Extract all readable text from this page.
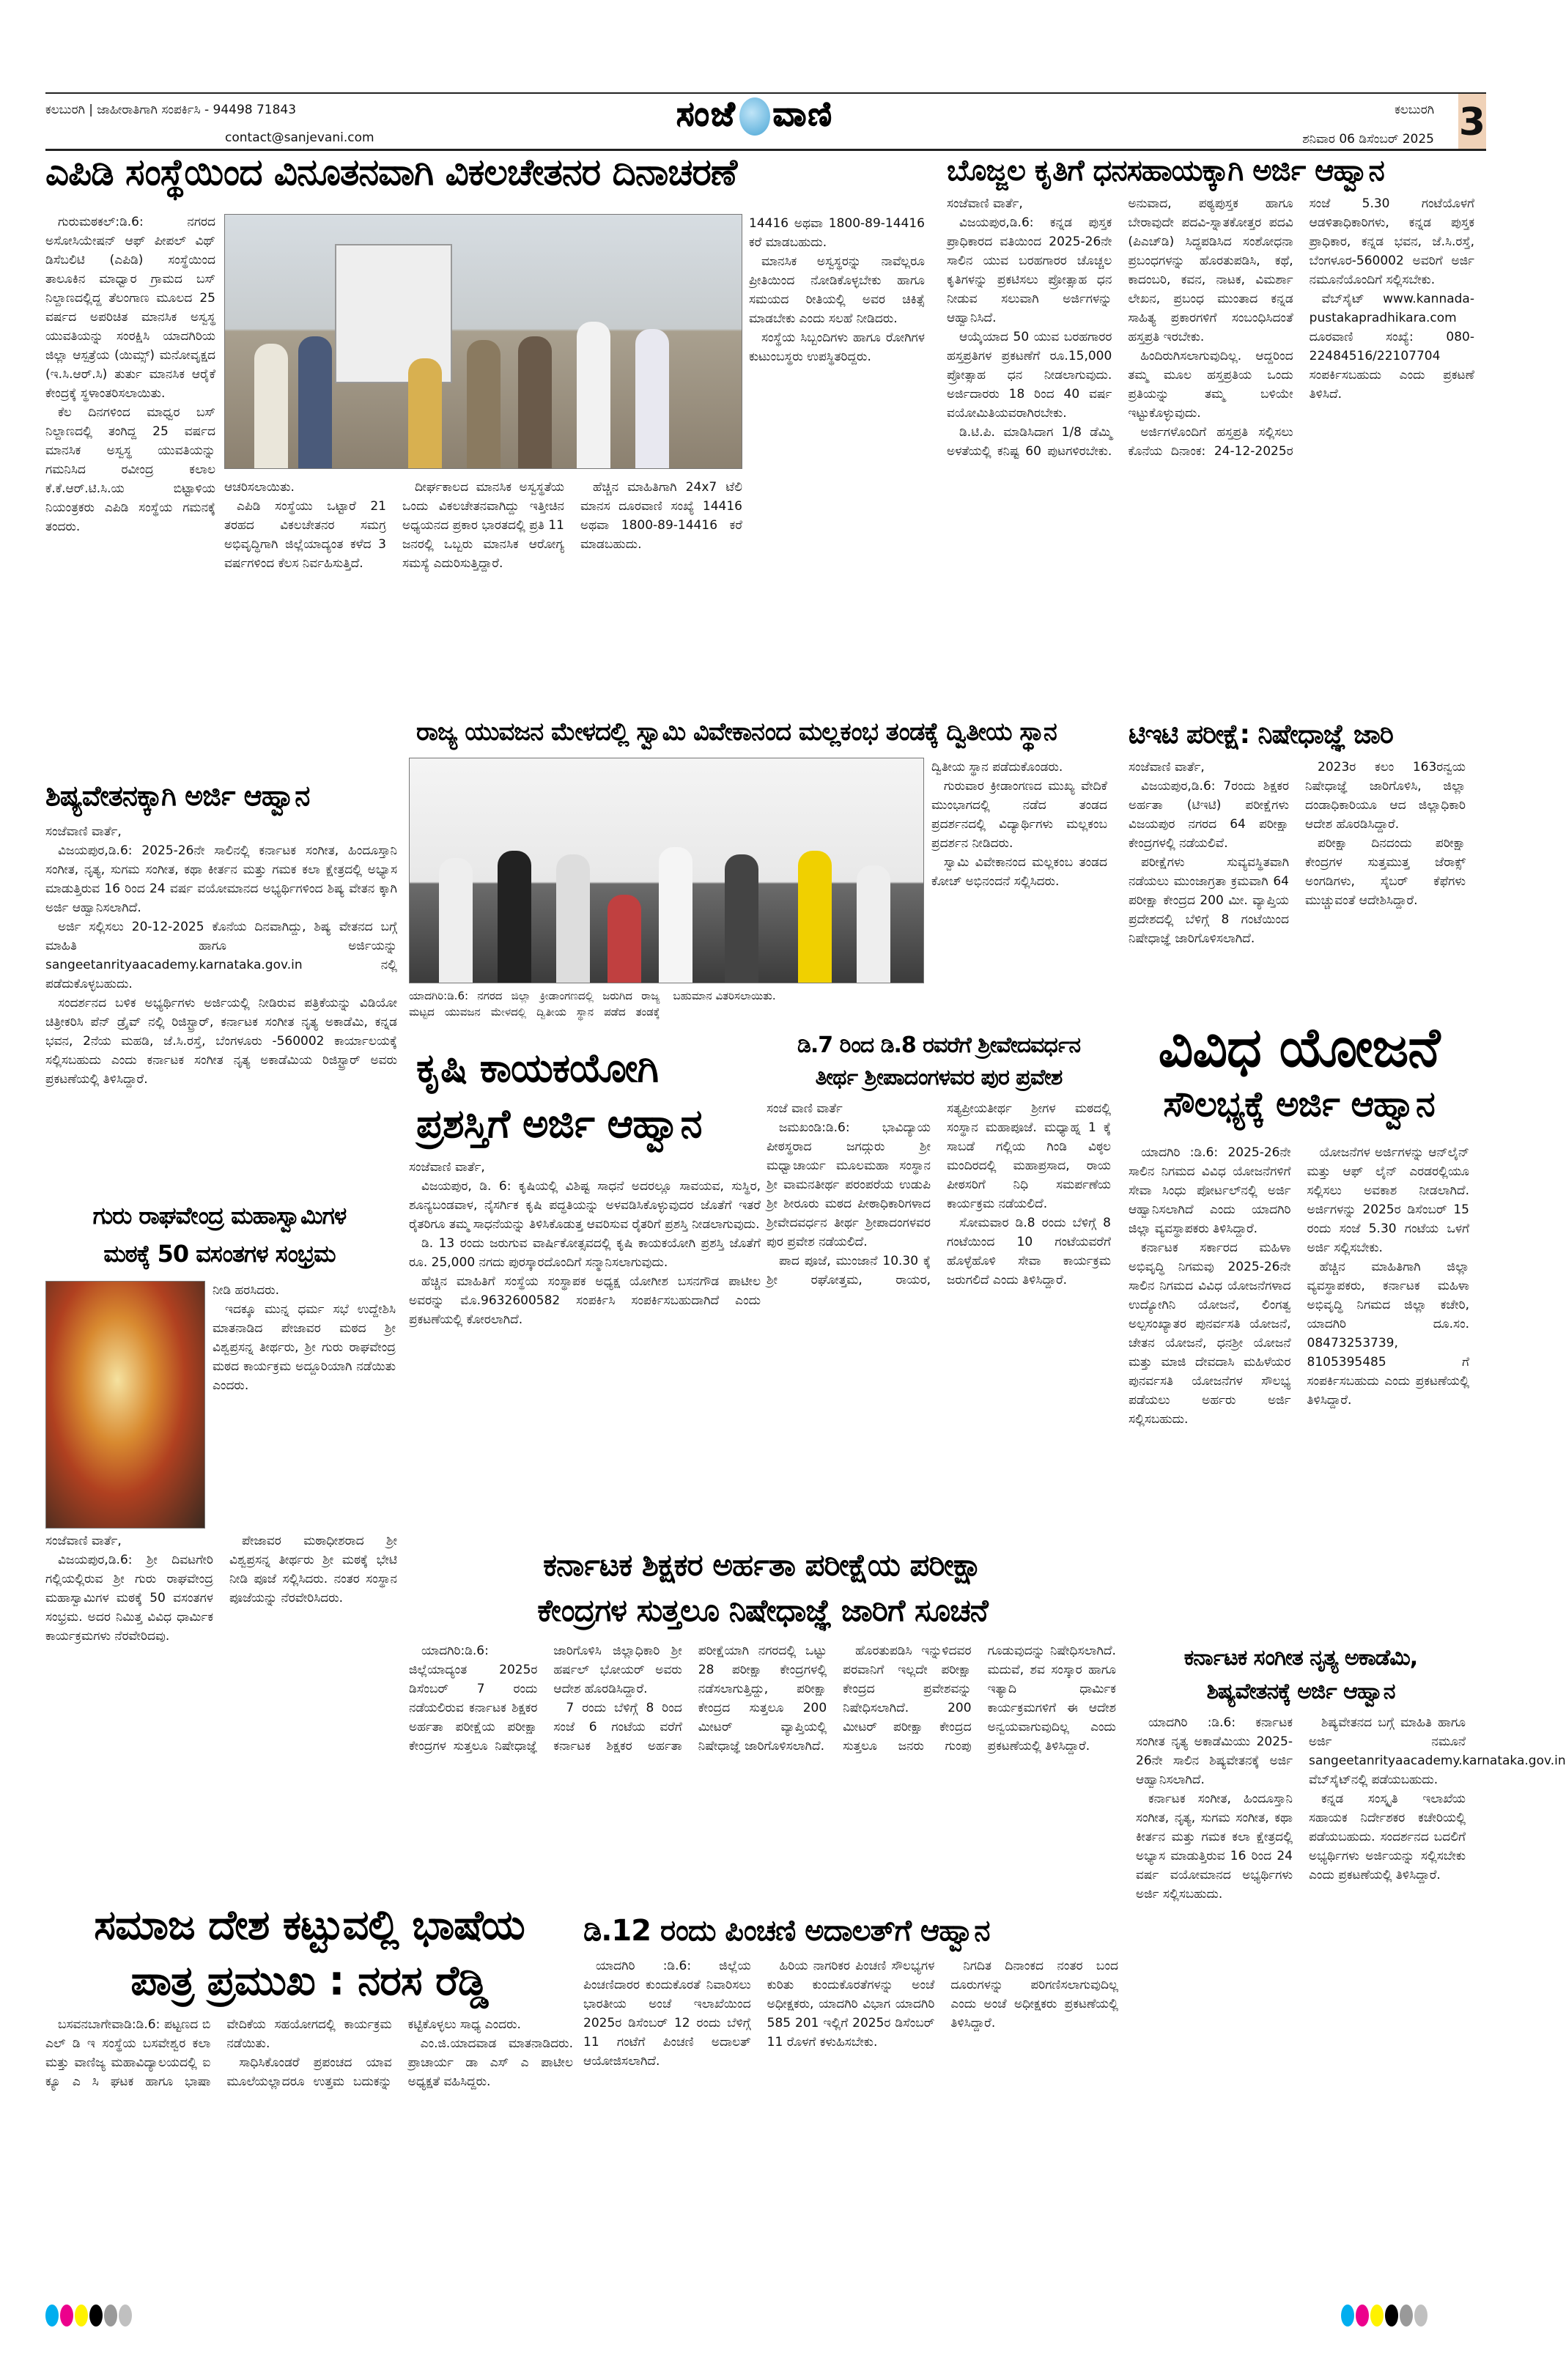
ಕಲಬುರಗಿ | ಜಾಹೀರಾತಿಗಾಗಿ ಸಂಪರ್ಕಿಸಿ - 94498 71843
contact@sanjevani.com
ಸಂಜೆ ವಾಣಿ	ಕಲಬುರಗಿ
ಶನಿವಾರ 06 ಡಿಸೆಂಬರ್ 2025 3
ಎಪಿಡಿ ಸಂಸ್ಥೆಯಿಂದ ವಿನೂತನವಾಗಿ ವಿಕಲಚೇತನರ ದಿನಾಚರಣೆ

ಗುರುಮಠಕಲ್:ಡಿ.6: ನಗರದ ಅಸೋಸಿಯೇಷನ್ ಆಫ್ ಪೀಪಲ್ ವಿಥ್ ಡಿಸೆಬಲಿಟಿ (ಎಪಿಡಿ) ಸಂಸ್ಥೆಯಿಂದ ತಾಲೂಕಿನ ಮಾಧ್ವಾರ ಗ್ರಾಮದ ಬಸ್ ನಿಲ್ದಾಣದಲ್ಲಿದ್ದ ತೆಲಂಗಾಣ ಮೂಲದ 25 ವರ್ಷದ ಅಪರಿಚಿತ ಮಾನಸಿಕ ಅಸ್ವಸ್ಥ ಯುವತಿಯನ್ನು ಸಂರಕ್ಷಿಸಿ ಯಾದಗಿರಿಯ ಜಿಲ್ಲಾ ಆಸ್ಪತ್ರೆಯ (ಯಿಮ್ಸ್) ಮನೋವೃಕ್ಷದ (ಇ.ಸಿ.ಆರ್.ಸಿ) ತುರ್ತು ಮಾನಸಿಕ ಆರೈಕೆ ಕೇಂದ್ರಕ್ಕೆ ಸ್ಥಳಾಂತರಿಸಲಾಯಿತು.

ಕೆಲ ದಿನಗಳಿಂದ ಮಾಧ್ವರ ಬಸ್ ನಿಲ್ದಾಣದಲ್ಲಿ ತಂಗಿದ್ದ 25 ವರ್ಷದ ಮಾನಸಿಕ ಅಸ್ವಸ್ಥ ಯುವತಿಯನ್ನು ಗಮನಿಸಿದ ರವೀಂದ್ರ ಕಲಾಲ ಕೆ.ಕೆ.ಆರ್.ಟಿ.ಸಿ.ಯ ಬಿಟ್ಟಾಳಿಯ ನಿಯಂತ್ರಕರು ಎಪಿಡಿ ಸಂಸ್ಥೆಯ ಗಮನಕ್ಕೆ ತಂದರು.

ಆಚರಿಸಲಾಯಿತು.

ಎಪಿಡಿ ಸಂಸ್ಥೆಯು ಒಟ್ಟಾರೆ 21 ತರಹದ ವಿಕಲಚೇತನರ ಸಮಗ್ರ ಅಭಿವೃದ್ಧಿಗಾಗಿ ಜಿಲ್ಲೆಯಾದ್ಯಂತ ಕಳೆದ 3 ವರ್ಷಗಳಿಂದ ಕೆಲಸ ನಿರ್ವಹಿಸುತ್ತಿದೆ.

ದೀರ್ಘಕಾಲದ ಮಾನಸಿಕ ಅಸ್ವಸ್ಥತೆಯ ಒಂದು ವಿಕಲಚೇತನವಾಗಿದ್ದು ಇತ್ತೀಚಿನ ಅಧ್ಯಯನದ ಪ್ರಕಾರ ಭಾರತದಲ್ಲಿ ಪ್ರತಿ 11 ಜನರಲ್ಲಿ ಒಬ್ಬರು ಮಾನಸಿಕ ಆರೋಗ್ಯ ಸಮಸ್ಯೆ ಎದುರಿಸುತ್ತಿದ್ದಾರೆ.

ಹೆಚ್ಚಿನ ಮಾಹಿತಿಗಾಗಿ 24x7 ಟೆಲಿ ಮಾನಸ ದೂರವಾಣಿ ಸಂಖ್ಯೆ 14416 ಅಥವಾ 1800-89-14416 ಕರೆ ಮಾಡಬಹುದು.

14416 ಅಥವಾ 1800-89-14416 ಕರೆ ಮಾಡಬಹುದು.

ಮಾನಸಿಕ ಅಸ್ವಸ್ಥರನ್ನು ನಾವೆಲ್ಲರೂ ಪ್ರೀತಿಯಿಂದ ನೋಡಿಕೊಳ್ಳಬೇಕು ಹಾಗೂ ಸಮಯದ ರೀತಿಯಲ್ಲಿ ಅವರ ಚಿಕಿತ್ಸೆ ಮಾಡಬೇಕು ಎಂದು ಸಲಹೆ ನೀಡಿದರು.

ಸಂಸ್ಥೆಯ ಸಿಬ್ಬಂದಿಗಳು ಹಾಗೂ ರೋಗಿಗಳ ಕುಟುಂಬಸ್ಥರು ಉಪಸ್ಥಿತರಿದ್ದರು.

ಬೊಜ್ಜಲ ಕೃತಿಗೆ ಧನಸಹಾಯಕ್ಕಾಗಿ ಅರ್ಜಿ ಆಹ್ವಾನ

ಸಂಜೆವಾಣಿ ವಾರ್ತೆ,

ವಿಜಯಪುರ,ಡಿ.6: ಕನ್ನಡ ಪುಸ್ತಕ ಪ್ರಾಧಿಕಾರದ ವತಿಯಿಂದ 2025-26ನೇ ಸಾಲಿನ ಯುವ ಬರಹಗಾರರ ಚೊಚ್ಚಲ ಕೃತಿಗಳನ್ನು ಪ್ರಕಟಿಸಲು ಪ್ರೋತ್ಸಾಹ ಧನ ನೀಡುವ ಸಲುವಾಗಿ ಅರ್ಜಿಗಳನ್ನು ಆಹ್ವಾನಿಸಿದೆ.

ಆಯ್ಕೆಯಾದ 50 ಯುವ ಬರಹಗಾರರ ಹಸ್ತಪ್ರತಿಗಳ ಪ್ರಕಟಣೆಗೆ ರೂ.15,000 ಪ್ರೋತ್ಸಾಹ ಧನ ನೀಡಲಾಗುವುದು. ಅರ್ಜಿದಾರರು 18 ರಿಂದ 40 ವರ್ಷ ವಯೋಮಿತಿಯವರಾಗಿರಬೇಕು.

ಡಿ.ಟಿ.ಪಿ. ಮಾಡಿಸಿದಾಗ 1/8 ಡೆಮ್ಮಿ ಅಳತೆಯಲ್ಲಿ ಕನಿಷ್ಟ 60 ಪುಟಗಳಿರಬೇಕು. ಅನುವಾದ, ಪಠ್ಯಪುಸ್ತಕ ಹಾಗೂ ಬೇರಾವುದೇ ಪದವಿ-ಸ್ನಾತಕೋತ್ತರ ಪದವಿ (ಪಿಎಚ್‌ಡಿ) ಸಿದ್ಧಪಡಿಸಿದ ಸಂಶೋಧನಾ ಪ್ರಬಂಧಗಳನ್ನು ಹೊರತುಪಡಿಸಿ, ಕಥೆ, ಕಾದಂಬರಿ, ಕವನ, ನಾಟಕ, ವಿಮರ್ಶಾ ಲೇಖನ, ಪ್ರಬಂಧ ಮುಂತಾದ ಕನ್ನಡ ಸಾಹಿತ್ಯ ಪ್ರಕಾರಗಳಿಗೆ ಸಂಬಂಧಿಸಿದಂತೆ ಹಸ್ತಪ್ರತಿ ಇರಬೇಕು.

ಹಿಂದಿರುಗಿಸಲಾಗುವುದಿಲ್ಲ. ಆದ್ದರಿಂದ ತಮ್ಮ ಮೂಲ ಹಸ್ತಪ್ರತಿಯ ಒಂದು ಪ್ರತಿಯನ್ನು ತಮ್ಮ ಬಳಿಯೇ ಇಟ್ಟುಕೊಳ್ಳುವುದು.

ಅರ್ಜಿಗಳೊಂದಿಗೆ ಹಸ್ತಪ್ರತಿ ಸಲ್ಲಿಸಲು ಕೊನೆಯ ದಿನಾಂಕ: 24-12-2025ರ ಸಂಜೆ 5.30 ಗಂಟೆಯೊಳಗೆ ಆಡಳಿತಾಧಿಕಾರಿಗಳು, ಕನ್ನಡ ಪುಸ್ತಕ ಪ್ರಾಧಿಕಾರ, ಕನ್ನಡ ಭವನ, ಜೆ.ಸಿ.ರಸ್ತೆ, ಬೆಂಗಳೂರ-560002 ಅವರಿಗೆ ಅರ್ಜಿ ನಮೂನೆಯೊಂದಿಗೆ ಸಲ್ಲಿಸಬೇಕು.

ವೆಬ್‌ಸೈಟ್ www.kannada-pustakapradhikara.com ದೂರವಾಣಿ ಸಂಖ್ಯೆ: 080-22484516/22107704 ಸಂಪರ್ಕಿಸಬಹುದು ಎಂದು ಪ್ರಕಟಣೆ ತಿಳಿಸಿದೆ.

ರಾಜ್ಯ ಯುವಜನ ಮೇಳದಲ್ಲಿ ಸ್ವಾಮಿ ವಿವೇಕಾನಂದ ಮಲ್ಲಕಂಭ ತಂಡಕ್ಕೆ ದ್ವಿತೀಯ ಸ್ಥಾನ
ಯಾದಗಿರಿ:ಡಿ.6: ನಗರದ ಜಿಲ್ಲಾ ಕ್ರೀಡಾಂಗಣದಲ್ಲಿ ಜರುಗಿದ ರಾಜ್ಯ ಮಟ್ಟದ ಯುವಜನ ಮೇಳದಲ್ಲಿ ದ್ವಿತೀಯ ಸ್ಥಾನ ಪಡೆದ ತಂಡಕ್ಕೆ ಬಹುಮಾನ ವಿತರಿಸಲಾಯಿತು.

ದ್ವಿತೀಯ ಸ್ಥಾನ ಪಡೆದುಕೊಂಡರು.

ಗುರುವಾರ ಕ್ರೀಡಾಂಗಣದ ಮುಖ್ಯ ವೇದಿಕೆ ಮುಂಭಾಗದಲ್ಲಿ ನಡೆದ ತಂಡದ ಪ್ರದರ್ಶನದಲ್ಲಿ ವಿದ್ಯಾರ್ಥಿಗಳು ಮಲ್ಲಕಂಬ ಪ್ರದರ್ಶನ ನೀಡಿದರು.

ಸ್ವಾಮಿ ವಿವೇಕಾನಂದ ಮಲ್ಲಕಂಬ ತಂಡದ ಕೋಚ್ ಅಭಿನಂದನೆ ಸಲ್ಲಿಸಿದರು.

ಶಿಷ್ಯವೇತನಕ್ಕಾಗಿ ಅರ್ಜಿ ಆಹ್ವಾನ

ಸಂಜೆವಾಣಿ ವಾರ್ತೆ,

ವಿಜಯಪುರ,ಡಿ.6: 2025-26ನೇ ಸಾಲಿನಲ್ಲಿ ಕರ್ನಾಟಕ ಸಂಗೀತ, ಹಿಂದೂಸ್ತಾನಿ ಸಂಗೀತ, ನೃತ್ಯ, ಸುಗಮ ಸಂಗೀತ, ಕಥಾ ಕೀರ್ತನ ಮತ್ತು ಗಮಕ ಕಲಾ ಕ್ಷೇತ್ರದಲ್ಲಿ ಅಭ್ಯಾಸ ಮಾಡುತ್ತಿರುವ 16 ರಿಂದ 24 ವರ್ಷ ವಯೋಮಾನದ ಅಭ್ಯರ್ಥಿಗಳಿಂದ ಶಿಷ್ಯ ವೇತನ ಕ್ಕಾಗಿ ಅರ್ಜಿ ಆಹ್ವಾನಿಸಲಾಗಿದೆ.

ಅರ್ಜಿ ಸಲ್ಲಿಸಲು 20-12-2025 ಕೊನೆಯ ದಿನವಾಗಿದ್ದು, ಶಿಷ್ಯ ವೇತನದ ಬಗ್ಗೆ ಮಾಹಿತಿ ಹಾಗೂ ಅರ್ಜಿಯನ್ನು sangeetanrityaacademy.karnataka.gov.in ನಲ್ಲಿ ಪಡೆದುಕೊಳ್ಳಬಹುದು.

ಸಂದರ್ಶನದ ಬಳಿಕ ಅಭ್ಯರ್ಥಿಗಳು ಅರ್ಜಿಯಲ್ಲಿ ನೀಡಿರುವ ಪತ್ರಿಕೆಯನ್ನು ವಿಡಿಯೋ ಚಿತ್ರೀಕರಿಸಿ ಪೆನ್ ಡ್ರೈವ್ ನಲ್ಲಿ ರಿಜಿಸ್ಟ್ರಾರ್, ಕರ್ನಾಟಕ ಸಂಗೀತ ನೃತ್ಯ ಅಕಾಡೆಮಿ, ಕನ್ನಡ ಭವನ, 2ನೆಯ ಮಹಡಿ, ಜೆ.ಸಿ.ರಸ್ತೆ, ಬೆಂಗಳೂರು -560002 ಕಾರ್ಯಾಲಯಕ್ಕೆ ಸಲ್ಲಿಸಬಹುದು ಎಂದು ಕರ್ನಾಟಕ ಸಂಗೀತ ನೃತ್ಯ ಅಕಾಡೆಮಿಯ ರಿಜಿಸ್ಟ್ರಾರ್ ಅವರು ಪ್ರಕಟಣೆಯಲ್ಲಿ ತಿಳಿಸಿದ್ದಾರೆ.

ಟಿಇಟಿ ಪರೀಕ್ಷೆ: ನಿಷೇಧಾಜ್ಞೆ ಜಾರಿ

ಸಂಜೆವಾಣಿ ವಾರ್ತೆ,

ವಿಜಯಪುರ,ಡಿ.6: 7ರಂದು ಶಿಕ್ಷಕರ ಅರ್ಹತಾ (ಟಿಇಟಿ) ಪರೀಕ್ಷೆಗಳು ವಿಜಯಪುರ ನಗರದ 64 ಪರೀಕ್ಷಾ ಕೇಂದ್ರಗಳಲ್ಲಿ ನಡೆಯಲಿವೆ.

ಪರೀಕ್ಷೆಗಳು ಸುವ್ಯವಸ್ಥಿತವಾಗಿ ನಡೆಯಲು ಮುಂಜಾಗ್ರತಾ ಕ್ರಮವಾಗಿ 64 ಪರೀಕ್ಷಾ ಕೇಂದ್ರದ 200 ಮೀ. ವ್ಯಾಪ್ತಿಯ ಪ್ರದೇಶದಲ್ಲಿ ಬೆಳಿಗ್ಗೆ 8 ಗಂಟೆಯಿಂದ ನಿಷೇಧಾಜ್ಞೆ ಜಾರಿಗೊಳಿಸಲಾಗಿದೆ.

2023ರ ಕಲಂ 163ರನ್ವಯ ನಿಷೇಧಾಜ್ಞೆ ಜಾರಿಗೊಳಿಸಿ, ಜಿಲ್ಲಾ ದಂಡಾಧಿಕಾರಿಯೂ ಆದ ಜಿಲ್ಲಾಧಿಕಾರಿ ಆದೇಶ ಹೊರಡಿಸಿದ್ದಾರೆ.

ಪರೀಕ್ಷಾ ದಿನದಂದು ಪರೀಕ್ಷಾ ಕೇಂದ್ರಗಳ ಸುತ್ತಮುತ್ತ ಜೆರಾಕ್ಸ್ ಅಂಗಡಿಗಳು, ಸೈಬರ್ ಕೆಫೆಗಳು ಮುಚ್ಚುವಂತೆ ಆದೇಶಿಸಿದ್ದಾರೆ.

ಕೃಷಿ ಕಾಯಕಯೋಗಿ
ಪ್ರಶಸ್ತಿಗೆ ಅರ್ಜಿ ಆಹ್ವಾನ

ಸಂಜೆವಾಣಿ ವಾರ್ತೆ,

ವಿಜಯಪುರ, ಡಿ. 6: ಕೃಷಿಯಲ್ಲಿ ವಿಶಿಷ್ಟ ಸಾಧನೆ ಅದರಲ್ಲೂ ಸಾವಯವ, ಸುಸ್ಥಿರ, ಶೂನ್ಯಬಂಡವಾಳ, ನೈಸರ್ಗಿಕ ಕೃಷಿ ಪದ್ಧತಿಯನ್ನು ಅಳವಡಿಸಿಕೊಳ್ಳುವುದರ ಜೊತೆಗೆ ಇತರೆ ರೈತರಿಗೂ ತಮ್ಮ ಸಾಧನೆಯನ್ನು ತಿಳಿಸಿಕೊಡುತ್ತ ಆವರಿಸುವ ರೈತರಿಗೆ ಪ್ರಶಸ್ತಿ ನೀಡಲಾಗುವುದು.

ಡಿ. 13 ರಂದು ಜರುಗುವ ವಾರ್ಷಿಕೋತ್ಸವದಲ್ಲಿ ಕೃಷಿ ಕಾಯಕಯೋಗಿ ಪ್ರಶಸ್ತಿ ಜೊತೆಗೆ ರೂ. 25,000 ನಗದು ಪುರಸ್ಕಾರದೊಂದಿಗೆ ಸನ್ಮಾನಿಸಲಾಗುವುದು.

ಹೆಚ್ಚಿನ ಮಾಹಿತಿಗೆ ಸಂಸ್ಥೆಯ ಸಂಸ್ಥಾಪಕ ಅಧ್ಯಕ್ಷ ಯೋಗೀಶ ಬಸನಗೌಡ ಪಾಟೀಲ ಅವರನ್ನು ಮೊ.9632600582 ಸಂಪರ್ಕಿಸಿ ಸಂಪರ್ಕಿಸಬಹುದಾಗಿದೆ ಎಂದು ಪ್ರಕಟಣೆಯಲ್ಲಿ ಕೋರಲಾಗಿದೆ.

ಡಿ.7 ರಿಂದ ಡಿ.8 ರವರೆಗೆ ಶ್ರೀವೇದವರ್ಧನ
ತೀರ್ಥ ಶ್ರೀಪಾದಂಗಳವರ ಪುರ ಪ್ರವೇಶ

ಸಂಜೆ ವಾಣಿ ವಾರ್ತೆ

ಜಮಖಂಡಿ:ಡಿ.6: ಭಾವಿದ್ಯಾಯ ಪೀಠಸ್ಥರಾದ ಜಗದ್ಗುರು ಶ್ರೀ ಮಧ್ವಾಚಾರ್ಯ ಮೂಲಮಹಾ ಸಂಸ್ಥಾನ ಶ್ರೀ ವಾಮನತೀರ್ಥ ಪರಂಪರೆಯ ಉಡುಪಿ ಶ್ರೀ ಶೀರೂರು ಮಠದ ಪೀಠಾಧಿಕಾರಿಗಳಾದ ಶ್ರೀವೇದವರ್ಧನ ತೀರ್ಥ ಶ್ರೀಪಾದಂಗಳವರ ಪುರ ಪ್ರವೇಶ ನಡೆಯಲಿದೆ.

ಪಾದ ಪೂಜೆ, ಮುಂಜಾನೆ 10.30 ಕ್ಕೆ ಶ್ರೀ ರಘೋತ್ತಮ, ರಾಯರ, ಸತ್ಯಪ್ರೀಯತೀರ್ಥ ಶ್ರೀಗಳ ಮಠದಲ್ಲಿ ಸಂಸ್ಥಾನ ಮಹಾಪೂಜೆ. ಮಧ್ಯಾಹ್ನ 1 ಕ್ಕೆ ಸಾಬಡೆ ಗಲ್ಲಿಯ ಗಿಂಡಿ ವಿಠ್ಠಲ ಮಂದಿರದಲ್ಲಿ ಮಹಾಪ್ರಸಾದ, ರಾಯ ಪೀಠಸರಿಗೆ ನಿಧಿ ಸಮರ್ಪಣೆಯ ಕಾರ್ಯಕ್ರಮ ನಡೆಯಲಿದೆ.

ಸೋಮವಾರ ಡಿ.8 ರಂದು ಬೆಳಿಗ್ಗೆ 8 ಗಂಟೆಯಿಂದ 10 ಗಂಟೆಯವರೆಗೆ ಹೊಳ್ಳೆಹೊಳಿ ಸೇವಾ ಕಾರ್ಯಕ್ರಮ ಜರುಗಲಿದೆ ಎಂದು ತಿಳಿಸಿದ್ದಾರೆ.

ವಿವಿಧ ಯೋಜನೆ
ಸೌಲಭ್ಯಕ್ಕೆ ಅರ್ಜಿ ಆಹ್ವಾನ

ಯಾದಗಿರಿ :ಡಿ.6: 2025-26ನೇ ಸಾಲಿನ ನಿಗಮದ ವಿವಿಧ ಯೋಜನೆಗಳಿಗೆ ಸೇವಾ ಸಿಂಧು ಪೋರ್ಟಲ್‌ನಲ್ಲಿ ಅರ್ಜಿ ಆಹ್ವಾನಿಸಲಾಗಿದೆ ಎಂದು ಯಾದಗಿರಿ ಜಿಲ್ಲಾ ವ್ಯವಸ್ಥಾಪಕರು ತಿಳಿಸಿದ್ದಾರೆ.

ಕರ್ನಾಟಕ ಸರ್ಕಾರದ ಮಹಿಳಾ ಅಭಿವೃದ್ಧಿ ನಿಗಮವು 2025-26ನೇ ಸಾಲಿನ ನಿಗಮದ ವಿವಿಧ ಯೋಜನೆಗಳಾದ ಉದ್ಯೋಗಿನಿ ಯೋಜನೆ, ಲಿಂಗತ್ವ ಅಲ್ಪಸಂಖ್ಯಾತರ ಪುನರ್ವಸತಿ ಯೋಜನೆ, ಚೇತನ ಯೋಜನೆ, ಧನಶ್ರೀ ಯೋಜನೆ ಮತ್ತು ಮಾಜಿ ದೇವದಾಸಿ ಮಹಿಳೆಯರ ಪುನರ್ವಸತಿ ಯೋಜನೆಗಳ ಸೌಲಭ್ಯ ಪಡೆಯಲು ಅರ್ಹರು ಅರ್ಜಿ ಸಲ್ಲಿಸಬಹುದು.

ಯೋಜನೆಗಳ ಅರ್ಜಿಗಳನ್ನು ಆನ್‌ಲೈನ್ ಮತ್ತು ಆಫ್ ಲೈನ್ ಎರಡರಲ್ಲಿಯೂ ಸಲ್ಲಿಸಲು ಅವಕಾಶ ನೀಡಲಾಗಿದೆ. ಅರ್ಜಿಗಳನ್ನು 2025ರ ಡಿಸೆಂಬರ್ 15 ರಂದು ಸಂಜೆ 5.30 ಗಂಟೆಯ ಒಳಗೆ ಅರ್ಜಿ ಸಲ್ಲಿಸಬೇಕು.

ಹೆಚ್ಚಿನ ಮಾಹಿತಿಗಾಗಿ ಜಿಲ್ಲಾ ವ್ಯವಸ್ಥಾಪಕರು, ಕರ್ನಾಟಕ ಮಹಿಳಾ ಅಭಿವೃದ್ಧಿ ನಿಗಮದ ಜಿಲ್ಲಾ ಕಚೇರಿ, ಯಾದಗಿರಿ ದೂ.ಸಂ. 08473253739, 8105395485 ಗೆ ಸಂಪರ್ಕಿಸಬಹುದು ಎಂದು ಪ್ರಕಟಣೆಯಲ್ಲಿ ತಿಳಿಸಿದ್ದಾರೆ.

ಗುರು ರಾಘವೇಂದ್ರ ಮಹಾಸ್ವಾಮಿಗಳ
ಮಠಕ್ಕೆ 50 ವಸಂತಗಳ ಸಂಭ್ರಮ

ನೀಡಿ ಹರಸಿದರು.

ಇದಕ್ಕೂ ಮುನ್ನ ಧರ್ಮ ಸಭೆ ಉದ್ದೇಶಿಸಿ ಮಾತನಾಡಿದ ಪೇಜಾವರ ಮಠದ ಶ್ರೀ ವಿಶ್ವಪ್ರಸನ್ನ ತೀರ್ಥರು, ಶ್ರೀ ಗುರು ರಾಘವೇಂದ್ರ ಮಠದ ಕಾರ್ಯಕ್ರಮ ಅದ್ದೂರಿಯಾಗಿ ನಡೆಯಿತು ಎಂದರು.

ಸಂಜೆವಾಣಿ ವಾರ್ತೆ,

ವಿಜಯಪುರ,ಡಿ.6: ಶ್ರೀ ದಿವಟಗೇರಿ ಗಲ್ಲಿಯಲ್ಲಿರುವ ಶ್ರೀ ಗುರು ರಾಘವೇಂದ್ರ ಮಹಾಸ್ವಾಮಿಗಳ ಮಠಕ್ಕೆ 50 ವಸಂತಗಳ ಸಂಭ್ರಮ. ಅದರ ನಿಮಿತ್ತ ವಿವಿಧ ಧಾರ್ಮಿಕ ಕಾರ್ಯಕ್ರಮಗಳು ನೆರವೇರಿದವು.

ಪೇಜಾವರ ಮಠಾಧೀಶರಾದ ಶ್ರೀ ವಿಶ್ವಪ್ರಸನ್ನ ತೀರ್ಥರು ಶ್ರೀ ಮಠಕ್ಕೆ ಭೇಟಿ ನೀಡಿ ಪೂಜೆ ಸಲ್ಲಿಸಿದರು. ನಂತರ ಸಂಸ್ಥಾನ ಪೂಜೆಯನ್ನು ನೆರವೇರಿಸಿದರು.

ಕರ್ನಾಟಕ ಶಿಕ್ಷಕರ ಅರ್ಹತಾ ಪರೀಕ್ಷೆಯ ಪರೀಕ್ಷಾ
ಕೇಂದ್ರಗಳ ಸುತ್ತಲೂ ನಿಷೇಧಾಜ್ಞೆ ಜಾರಿಗೆ ಸೂಚನೆ

ಯಾದಗಿರಿ:ಡಿ.6: ಜಿಲ್ಲೆಯಾದ್ಯಂತ 2025ರ ಡಿಸೆಂಬರ್ 7 ರಂದು ನಡೆಯಲಿರುವ ಕರ್ನಾಟಕ ಶಿಕ್ಷಕರ ಅರ್ಹತಾ ಪರೀಕ್ಷೆಯ ಪರೀಕ್ಷಾ ಕೇಂದ್ರಗಳ ಸುತ್ತಲೂ ನಿಷೇಧಾಜ್ಞೆ ಜಾರಿಗೊಳಿಸಿ ಜಿಲ್ಲಾಧಿಕಾರಿ ಶ್ರೀ ಹರ್ಷಲ್ ಭೋಯರ್ ಅವರು ಆದೇಶ ಹೊರಡಿಸಿದ್ದಾರೆ.

7 ರಂದು ಬೆಳಿಗ್ಗೆ 8 ರಿಂದ ಸಂಜೆ 6 ಗಂಟೆಯ ವರೆಗೆ ಕರ್ನಾಟಕ ಶಿಕ್ಷಕರ ಅರ್ಹತಾ ಪರೀಕ್ಷೆಯಾಗಿ ನಗರದಲ್ಲಿ ಒಟ್ಟು 28 ಪರೀಕ್ಷಾ ಕೇಂದ್ರಗಳಲ್ಲಿ ನಡೆಸಲಾಗುತ್ತಿದ್ದು, ಪರೀಕ್ಷಾ ಕೇಂದ್ರದ ಸುತ್ತಲೂ 200 ಮೀಟರ್ ವ್ಯಾಪ್ತಿಯಲ್ಲಿ ನಿಷೇಧಾಜ್ಞೆ ಜಾರಿಗೊಳಿಸಲಾಗಿದೆ.

ಹೊರತುಪಡಿಸಿ ಇನ್ನುಳಿದವರ ಪರವಾನಿಗೆ ಇಲ್ಲದೇ ಪರೀಕ್ಷಾ ಕೇಂದ್ರದ ಪ್ರವೇಶವನ್ನು ನಿಷೇಧಿಸಲಾಗಿದೆ. 200 ಮೀಟರ್ ಪರೀಕ್ಷಾ ಕೇಂದ್ರದ ಸುತ್ತಲೂ ಜನರು ಗುಂಪು ಗೂಡುವುದನ್ನು ನಿಷೇಧಿಸಲಾಗಿದೆ. ಮದುವೆ, ಶವ ಸಂಸ್ಕಾರ ಹಾಗೂ ಇತ್ಯಾದಿ ಧಾರ್ಮಿಕ ಕಾರ್ಯಕ್ರಮಗಳಿಗೆ ಈ ಆದೇಶ ಅನ್ವಯವಾಗುವುದಿಲ್ಲ ಎಂದು ಪ್ರಕಟಣೆಯಲ್ಲಿ ತಿಳಿಸಿದ್ದಾರೆ.

ಕರ್ನಾಟಕ ಸಂಗೀತ ನೃತ್ಯ ಅಕಾಡೆಮಿ,
ಶಿಷ್ಯವೇತನಕ್ಕೆ ಅರ್ಜಿ ಆಹ್ವಾನ

ಯಾದಗಿರಿ :ಡಿ.6: ಕರ್ನಾಟಕ ಸಂಗೀತ ನೃತ್ಯ ಅಕಾಡೆಮಿಯು 2025-26ನೇ ಸಾಲಿನ ಶಿಷ್ಯವೇತನಕ್ಕೆ ಅರ್ಜಿ ಆಹ್ವಾನಿಸಲಾಗಿದೆ.

ಕರ್ನಾಟಕ ಸಂಗೀತ, ಹಿಂದೂಸ್ತಾನಿ ಸಂಗೀತ, ನೃತ್ಯ, ಸುಗಮ ಸಂಗೀತ, ಕಥಾ ಕೀರ್ತನ ಮತ್ತು ಗಮಕ ಕಲಾ ಕ್ಷೇತ್ರದಲ್ಲಿ ಅಭ್ಯಾಸ ಮಾಡುತ್ತಿರುವ 16 ರಿಂದ 24 ವರ್ಷ ವಯೋಮಾನದ ಅಭ್ಯರ್ಥಿಗಳು ಅರ್ಜಿ ಸಲ್ಲಿಸಬಹುದು.

ಶಿಷ್ಯವೇತನದ ಬಗ್ಗೆ ಮಾಹಿತಿ ಹಾಗೂ ಅರ್ಜಿ ನಮೂನೆ sangeetanrityaacademy.karnataka.gov.in ವೆಬ್‌ಸೈಟ್‌ನಲ್ಲಿ ಪಡೆಯಬಹುದು.

ಕನ್ನಡ ಸಂಸ್ಕೃತಿ ಇಲಾಖೆಯ ಸಹಾಯಕ ನಿರ್ದೇಶಕರ ಕಚೇರಿಯಲ್ಲಿ ಪಡೆಯಬಹುದು. ಸಂದರ್ಶನದ ಬದಲಿಗೆ ಅಭ್ಯರ್ಥಿಗಳು ಅರ್ಜಿಯನ್ನು ಸಲ್ಲಿಸಬೇಕು ಎಂದು ಪ್ರಕಟಣೆಯಲ್ಲಿ ತಿಳಿಸಿದ್ದಾರೆ.

ಸಮಾಜ ದೇಶ ಕಟ್ಟುವಲ್ಲಿ ಭಾಷೆಯ
ಪಾತ್ರ ಪ್ರಮುಖ : ನರಸ ರೆಡ್ಡಿ

ಬಸವನಬಾಗೇವಾಡಿ:ಡಿ.6: ಪಟ್ಟಣದ ಬಿ ಎಲ್ ಡಿ ಇ ಸಂಸ್ಥೆಯ ಬಸವೇಶ್ವರ ಕಲಾ ಮತ್ತು ವಾಣಿಜ್ಯ ಮಹಾವಿದ್ಯಾಲಯದಲ್ಲಿ ಐ ಕ್ಯೂ ಎ ಸಿ ಘಟಕ ಹಾಗೂ ಭಾಷಾ ವೇದಿಕೆಯ ಸಹಯೋಗದಲ್ಲಿ ಕಾರ್ಯಕ್ರಮ ನಡೆಯಿತು.

ಸಾಧಿಸಿಕೊಂಡರೆ ಪ್ರಪಂಚದ ಯಾವ ಮೂಲೆಯಲ್ಲಾದರೂ ಉತ್ತಮ ಬದುಕನ್ನು ಕಟ್ಟಿಕೊಳ್ಳಲು ಸಾಧ್ಯ ಎಂದರು.

ಎಂ.ಜಿ.ಯಾದವಾಡ ಮಾತನಾಡಿದರು. ಪ್ರಾಚಾರ್ಯ ಡಾ ಎಸ್ ಎ ಪಾಟೀಲ ಅಧ್ಯಕ್ಷತೆ ವಹಿಸಿದ್ದರು.

ಡಿ.12 ರಂದು ಪಿಂಚಣಿ ಅದಾಲತ್‌ಗೆ ಆಹ್ವಾನ

ಯಾದಗಿರಿ :ಡಿ.6: ಜಿಲ್ಲೆಯ ಪಿಂಚಣಿದಾರರ ಕುಂದುಕೊರತೆ ನಿವಾರಿಸಲು ಭಾರತೀಯ ಅಂಚೆ ಇಲಾಖೆಯಿಂದ 2025ರ ಡಿಸೆಂಬರ್ 12 ರಂದು ಬೆಳಿಗ್ಗೆ 11 ಗಂಟೆಗೆ ಪಿಂಚಣಿ ಅದಾಲತ್ ಆಯೋಜಿಸಲಾಗಿದೆ.

ಹಿರಿಯ ನಾಗರಿಕರ ಪಿಂಚಣಿ ಸೌಲಭ್ಯಗಳ ಕುರಿತು ಕುಂದುಕೊರತೆಗಳನ್ನು ಅಂಚೆ ಅಧೀಕ್ಷಕರು, ಯಾದಗಿರಿ ವಿಭಾಗ ಯಾದಗಿರಿ 585 201 ಇಲ್ಲಿಗೆ 2025ರ ಡಿಸೆಂಬರ್ 11 ರೊಳಗೆ ಕಳುಹಿಸಬೇಕು.

ನಿಗದಿತ ದಿನಾಂಕದ ನಂತರ ಬಂದ ದೂರುಗಳನ್ನು ಪರಿಗಣಿಸಲಾಗುವುದಿಲ್ಲ ಎಂದು ಅಂಚೆ ಅಧೀಕ್ಷಕರು ಪ್ರಕಟಣೆಯಲ್ಲಿ ತಿಳಿಸಿದ್ದಾರೆ.
